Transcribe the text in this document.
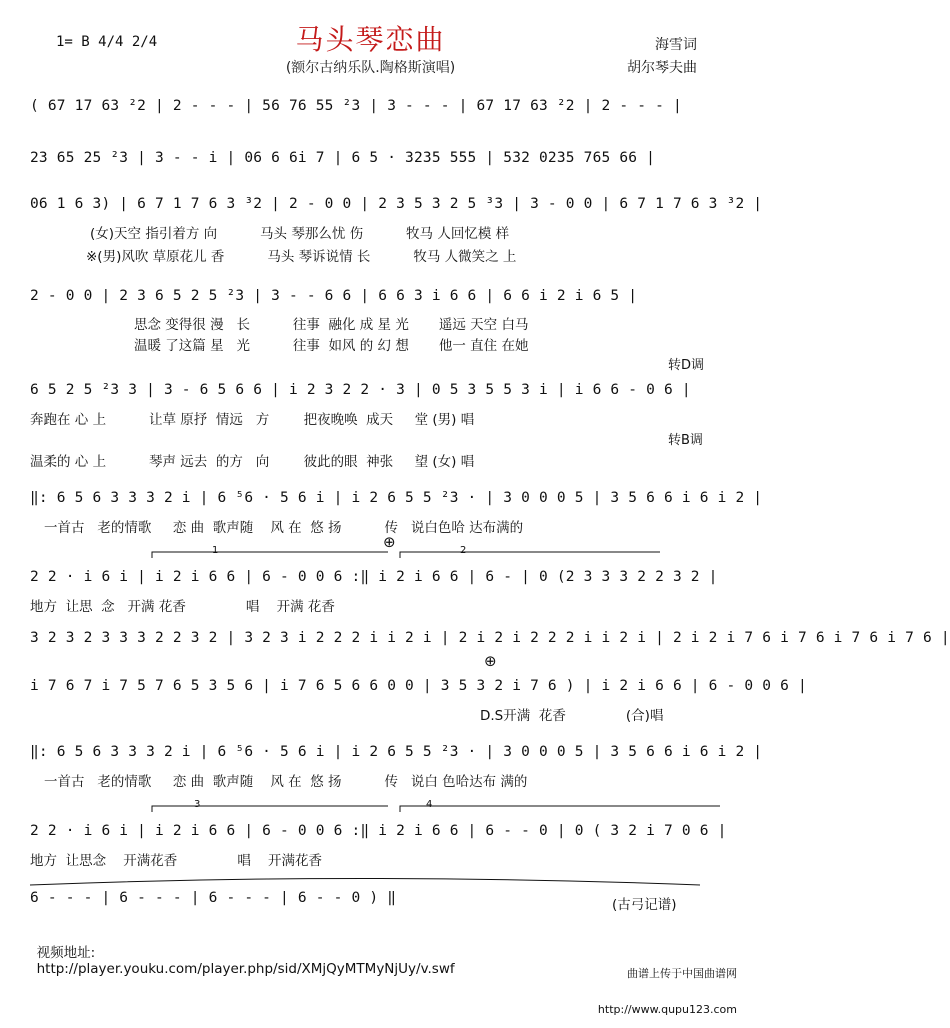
马头琴恋曲
(额尔古纳乐队.陶格斯演唱)
1= B 4/4 2/4	海雪词
胡尔琴夫曲
( 67 17 63 ²2 | 2 - - - | 56 76 55 ²3 | 3 - - - | 67 17 63 ²2 | 2 - - - |
23 65 25 ²3 | 3 - - i | 06 6 6i 7 | 6 5 · 3235 555 | 532 0235 765 66 |
06 1 6 3) | 6 7 1 7 6 3 ³2 | 2 - 0 0 | 2 3 5 3 2 5 ³3 | 3 - 0 0 | 6 7 1 7 6 3 ³2 |
(女)天空 指引着方 向          马头 琴那么忧 伤          牧马 人回忆模 样
※(男)风吹 草原花儿 香          马头 琴诉说情 长          牧马 人微笑之 上
2 - 0 0 | 2 3 6 5 2 5 ²3 | 3 - - 6 6 | 6 6 3 i 6 6 | 6 6 i 2 i 6 5 |
思念 变得很 漫   长          往事  融化 成 星 光       遥远 天空 白马
温暖 了这篇 星   光          往事  如风 的 幻 想       他一 直住 在她
转D调
6 5 2 5 ²3 3 | 3 - 6 5 6 6 | i 2 3 2 2 · 3 | 0 5 3 5 5 3 i | i 6 6 - 0 6 |
奔跑在 心 上          让草 原抒  情远   方        把夜晚唤  成天     堂 (男) 唱
转B调
温柔的 心 上          琴声 远去  的方   向        彼此的眼  神张     望 (女) 唱
‖: 6 5 6 3 3 3 2 i | 6 ⁵6 · 5 6 i | i 2 6 5 5 ²3 · | 3 0 0 0 5 | 3 5 6 6 i 6 i 2 |
一首古   老的情歌     恋 曲  歌声随    风 在  悠 扬          传   说白色哈 达布满的
1	2
⊕
2 2 · i 6 i | i 2 i 6 6 | 6 - 0 0 6 :‖ i 2 i 6 6 | 6 - | 0 (2 3 3 3 2 2 3 2 |
地方  让思  念   开满 花香              唱    开满 花香
3 2 3 2 3 3 3 2 2 3 2 | 3 2 3 i 2 2 2 i i 2 i | 2 i 2 i 2 2 2 i i 2 i | 2 i 2 i 7 6 i 7 6 i 7 6 i 7 6 |
⊕
i 7 6 7 i 7 5 7 6 5 3 5 6 | i 7 6 5 6 6 0 0 | 3 5 3 2 i 7 6 ) | i 2 i 6 6 | 6 - 0 0 6 |
D.S开满  花香              (合)唱
‖: 6 5 6 3 3 3 2 i | 6 ⁵6 · 5 6 i | i 2 6 5 5 ²3 · | 3 0 0 0 5 | 3 5 6 6 i 6 i 2 |
一首古   老的情歌     恋 曲  歌声随    风 在  悠 扬          传   说白 色哈达布 满的
3	4
2 2 · i 6 i | i 2 i 6 6 | 6 - 0 0 6 :‖ i 2 i 6 6 | 6 - - 0 | 0 ( 3 2 i 7 0 6 |
地方  让思念    开满花香              唱    开满花香
6 - - - | 6 - - - | 6 - - - | 6 - - 0 ) ‖	(古弓记谱)

视频地址:
http://player.youku.com/player.php/sid/XMjQyMTMyNjUy/v.swf

	曲谱上传于中国曲谱网

http://www.qupu123.com
